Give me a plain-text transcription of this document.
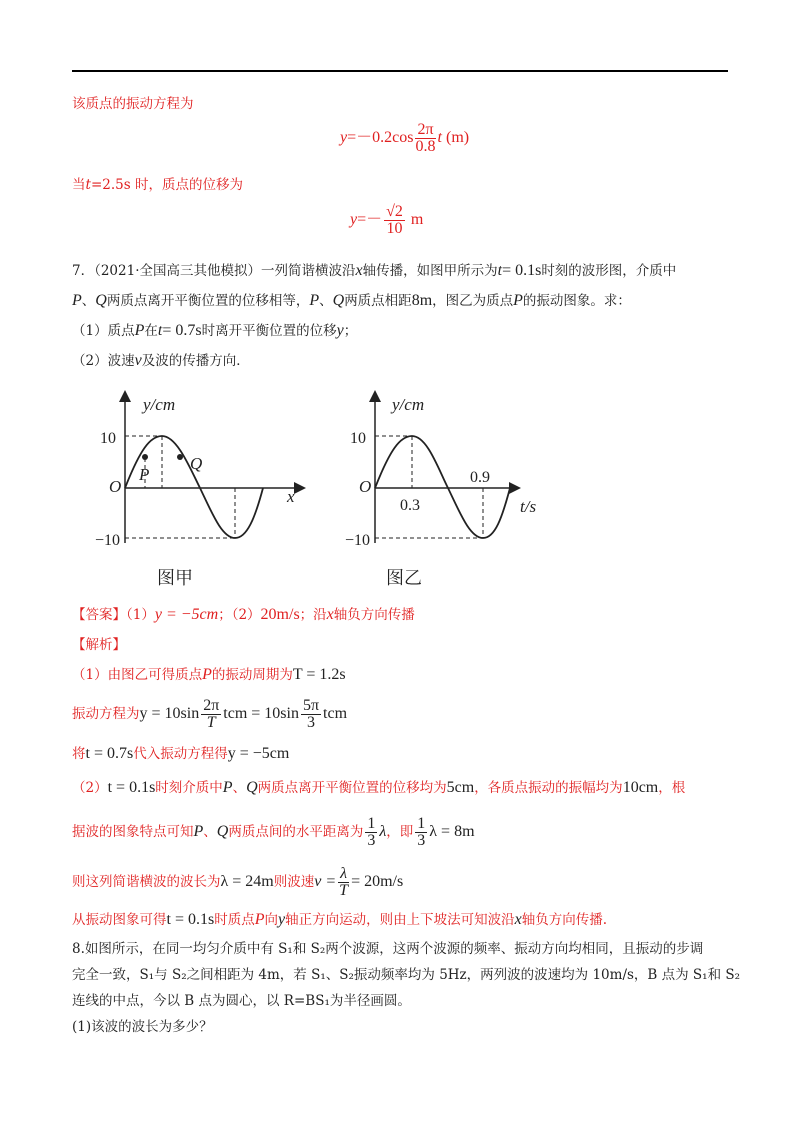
该质点的振动方程为
$y=-0.2\cos \frac{2\pi}{0.8}$ t (m)
当t=2.5s 时，质点的位移为
$y=- \frac{√2}{10}$ m
7．（2021·全国高三其他模拟）一列简谐横波沿x轴传播，如图甲所示为t= 0.1s时刻的波形图，介质中
P、Q两质点离开平衡位置的位移相等，P、Q两质点相距8m，图乙为质点P的振动图象。求：
（1）质点P在t= 0.7s时离开平衡位置的位移y；
（2）波速v及波的传播方向．
y/cm
x
O
10
−10
P
Q
图甲
y/cm
t/s
O
10
−10
0.3
0.9
图乙
【答案】（1）y = −5cm；（2）20m/s；沿x轴负方向传播
【解析】
（1）由图乙可得质点P的振动周期为T = 1.2s
振动方程为$y = 10\sin \frac{2\pi}{T}$ tcm = $10\sin \frac{5\pi}{3}$ tcm
将t = 0.7s代入振动方程得y = −5cm
（2）t = 0.1s时刻介质中P、Q两质点离开平衡位置的位移均为5cm，各质点振动的振幅均为10cm，根
据波的图象特点可知P、Q两质点间的水平距离为 $\frac{1}{3}$ λ，即 $\frac{1}{3}$ λ = 8m
则这列简谐横波的波长为λ = 24m则波速$v = \frac{\lambda}{T} = 20m/s$
从振动图象可得t = 0.1s时质点P向y轴正方向运动，则由上下坡法可知波沿x轴负方向传播.
8.如图所示，在同一均匀介质中有 S₁和 S₂两个波源，这两个波源的频率、振动方向均相同，且振动的步调
完全一致，S₁与 S₂之间相距为 4m，若 S₁、S₂振动频率均为 5Hz，两列波的波速均为 10m/s，B 点为 S₁和 S₂
连线的中点，今以 B 点为圆心，以 R=BS₁为半径画圆。
(1)该波的波长为多少？
